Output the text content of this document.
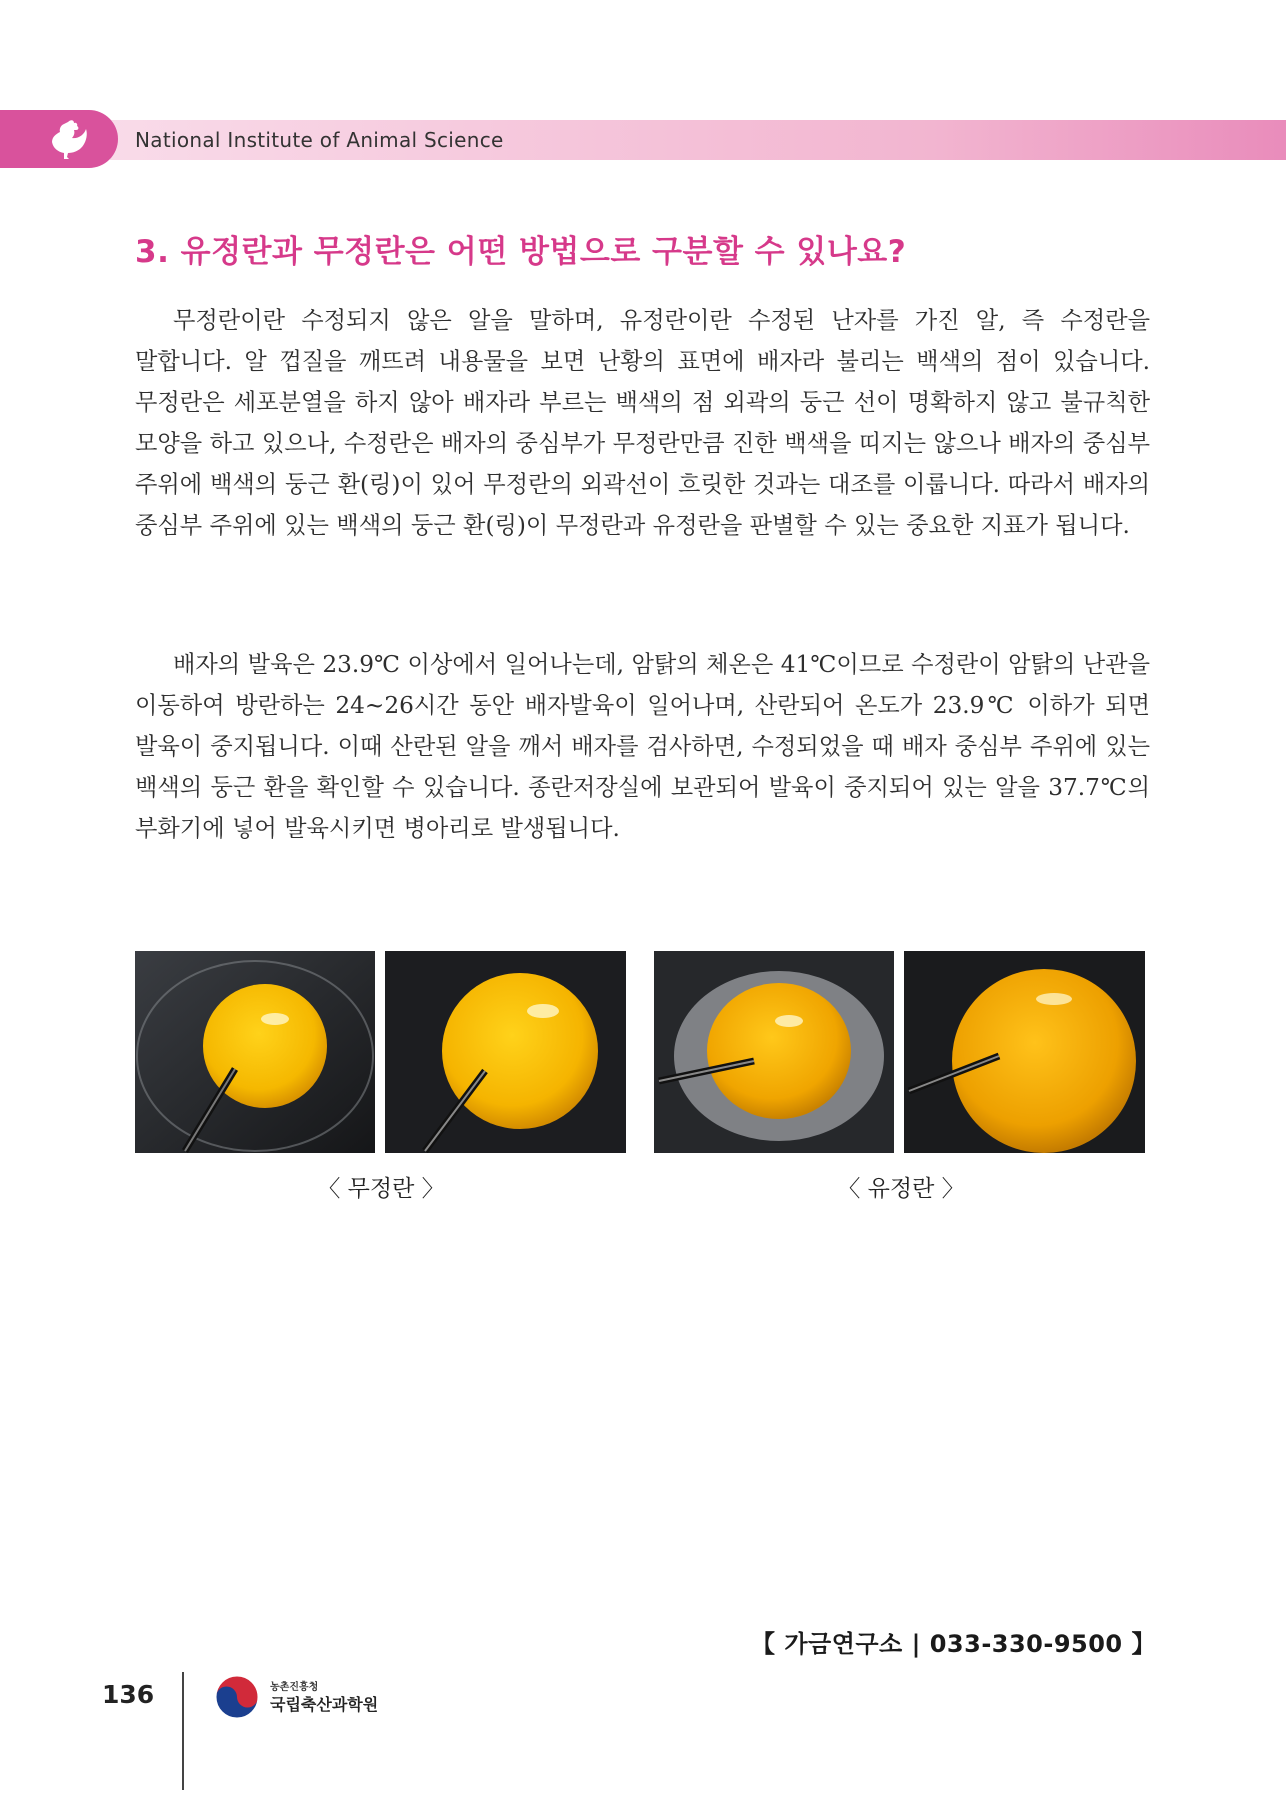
National Institute of Animal Science
3. 유정란과 무정란은 어떤 방법으로 구분할 수 있나요?

무정란이란 수정되지 않은 알을 말하며, 유정란이란 수정된 난자를 가진 알, 즉 수정란을 말합니다. 알 껍질을 깨뜨려 내용물을 보면 난황의 표면에 배자라 불리는 백색의 점이 있습니다. 무정란은 세포분열을 하지 않아 배자라 부르는 백색의 점 외곽의 둥근 선이 명확하지 않고 불규칙한 모양을 하고 있으나, 수정란은 배자의 중심부가 무정란만큼 진한 백색을 띠지는 않으나 배자의 중심부 주위에 백색의 둥근 환(링)이 있어 무정란의 외곽선이 흐릿한 것과는 대조를 이룹니다. 따라서 배자의 중심부 주위에 있는 백색의 둥근 환(링)이 무정란과 유정란을 판별할 수 있는 중요한 지표가 됩니다.

배자의 발육은 23.9℃ 이상에서 일어나는데, 암탉의 체온은 41℃이므로 수정란이 암탉의 난관을 이동하여 방란하는 24~26시간 동안 배자발육이 일어나며, 산란되어 온도가 23.9℃ 이하가 되면 발육이 중지됩니다. 이때 산란된 알을 깨서 배자를 검사하면, 수정되었을 때 배자 중심부 주위에 있는 백색의 둥근 환을 확인할 수 있습니다. 종란저장실에 보관되어 발육이 중지되어 있는 알을 37.7℃의 부화기에 넣어 발육시키면 병아리로 발생됩니다.

〈 무정란 〉	〈 유정란 〉
【 가금연구소 | 033-330-9500 】
136	농촌진흥청
국립축산과학원
